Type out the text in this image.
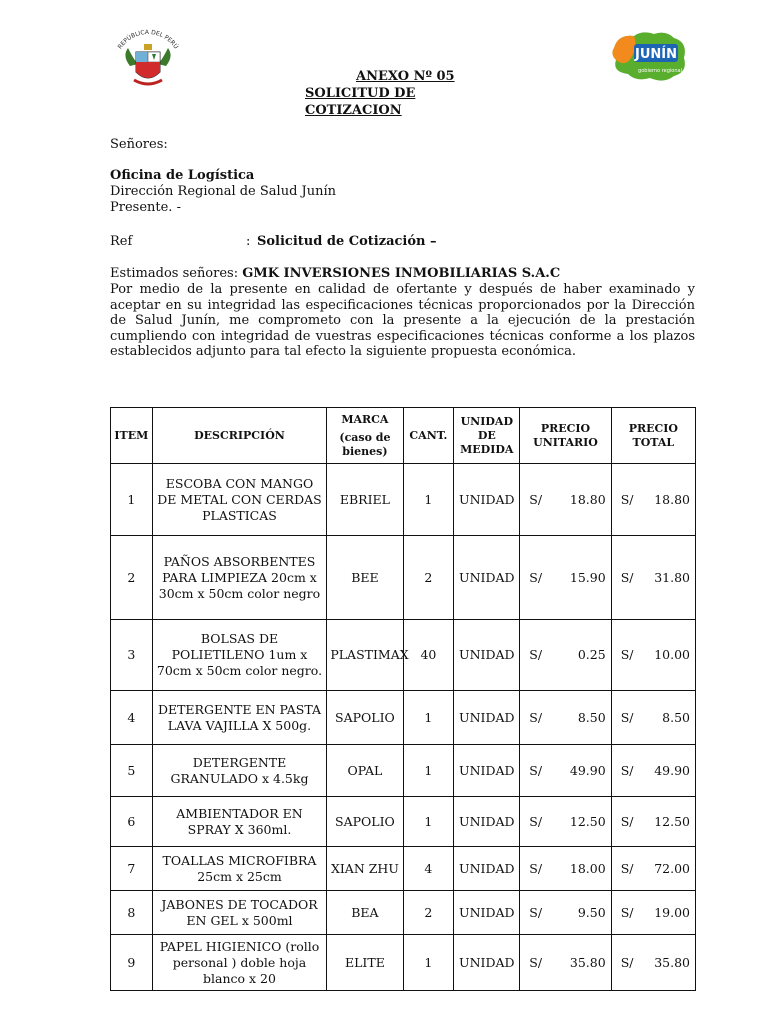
REPÚBLICA DEL PERÚ
JUNÍN
gobierno regional
ANEXO Nº 05
SOLICITUD DE
COTIZACION
Señores:
Oficina de Logística
Dirección Regional de Salud Junín
Presente. -
Ref	: Solicitud de Cotización –
Estimados señores: GMK INVERSIONES INMOBILIARIAS S.A.C
Por medio de la presente en calidad de ofertante y después de haber examinado y aceptar en su integridad las especificaciones técnicas proporcionados por la Dirección de Salud Junín, me comprometo con la presente a la ejecución de la prestación cumpliendo con integridad de vuestras especificaciones técnicas conforme a los plazos establecidos adjunto para tal efecto la siguiente propuesta económica.
ITEM	DESCRIPCIÓN	MARCA
(caso de bienes)	CANT.	UNIDAD DE MEDIDA	PRECIO UNITARIO	PRECIO TOTAL
1	ESCOBA CON MANGO DE METAL CON CERDAS PLASTICAS	EBRIEL	1	UNIDAD	S/ 18.80	S/ 18.80

2	PAÑOS ABSORBENTES PARA LIMPIEZA 20cm x 30cm x 50cm color negro	BEE	2	UNIDAD	S/ 15.90	S/ 31.80

3	BOLSAS DE POLIETILENO 1um x 70cm x 50cm color negro.	PLASTIMAX	40	UNIDAD	S/ 0.25	S/ 10.00

4	DETERGENTE EN PASTA LAVA VAJILLA X 500g.	SAPOLIO	1	UNIDAD	S/ 8.50	S/ 8.50

5	DETERGENTE GRANULADO x 4.5kg	OPAL	1	UNIDAD	S/ 49.90	S/ 49.90

6	AMBIENTADOR EN SPRAY X 360ml.	SAPOLIO	1	UNIDAD	S/ 12.50	S/ 12.50

7	TOALLAS MICROFIBRA 25cm x 25cm	XIAN ZHU	4	UNIDAD	S/ 18.00	S/ 72.00

8	JABONES DE TOCADOR EN GEL x 500ml	BEA	2	UNIDAD	S/ 9.50	S/ 19.00

9	PAPEL HIGIENICO (rollo personal ) doble hoja blanco x 20	ELITE	1	UNIDAD	S/ 35.80	S/ 35.80
